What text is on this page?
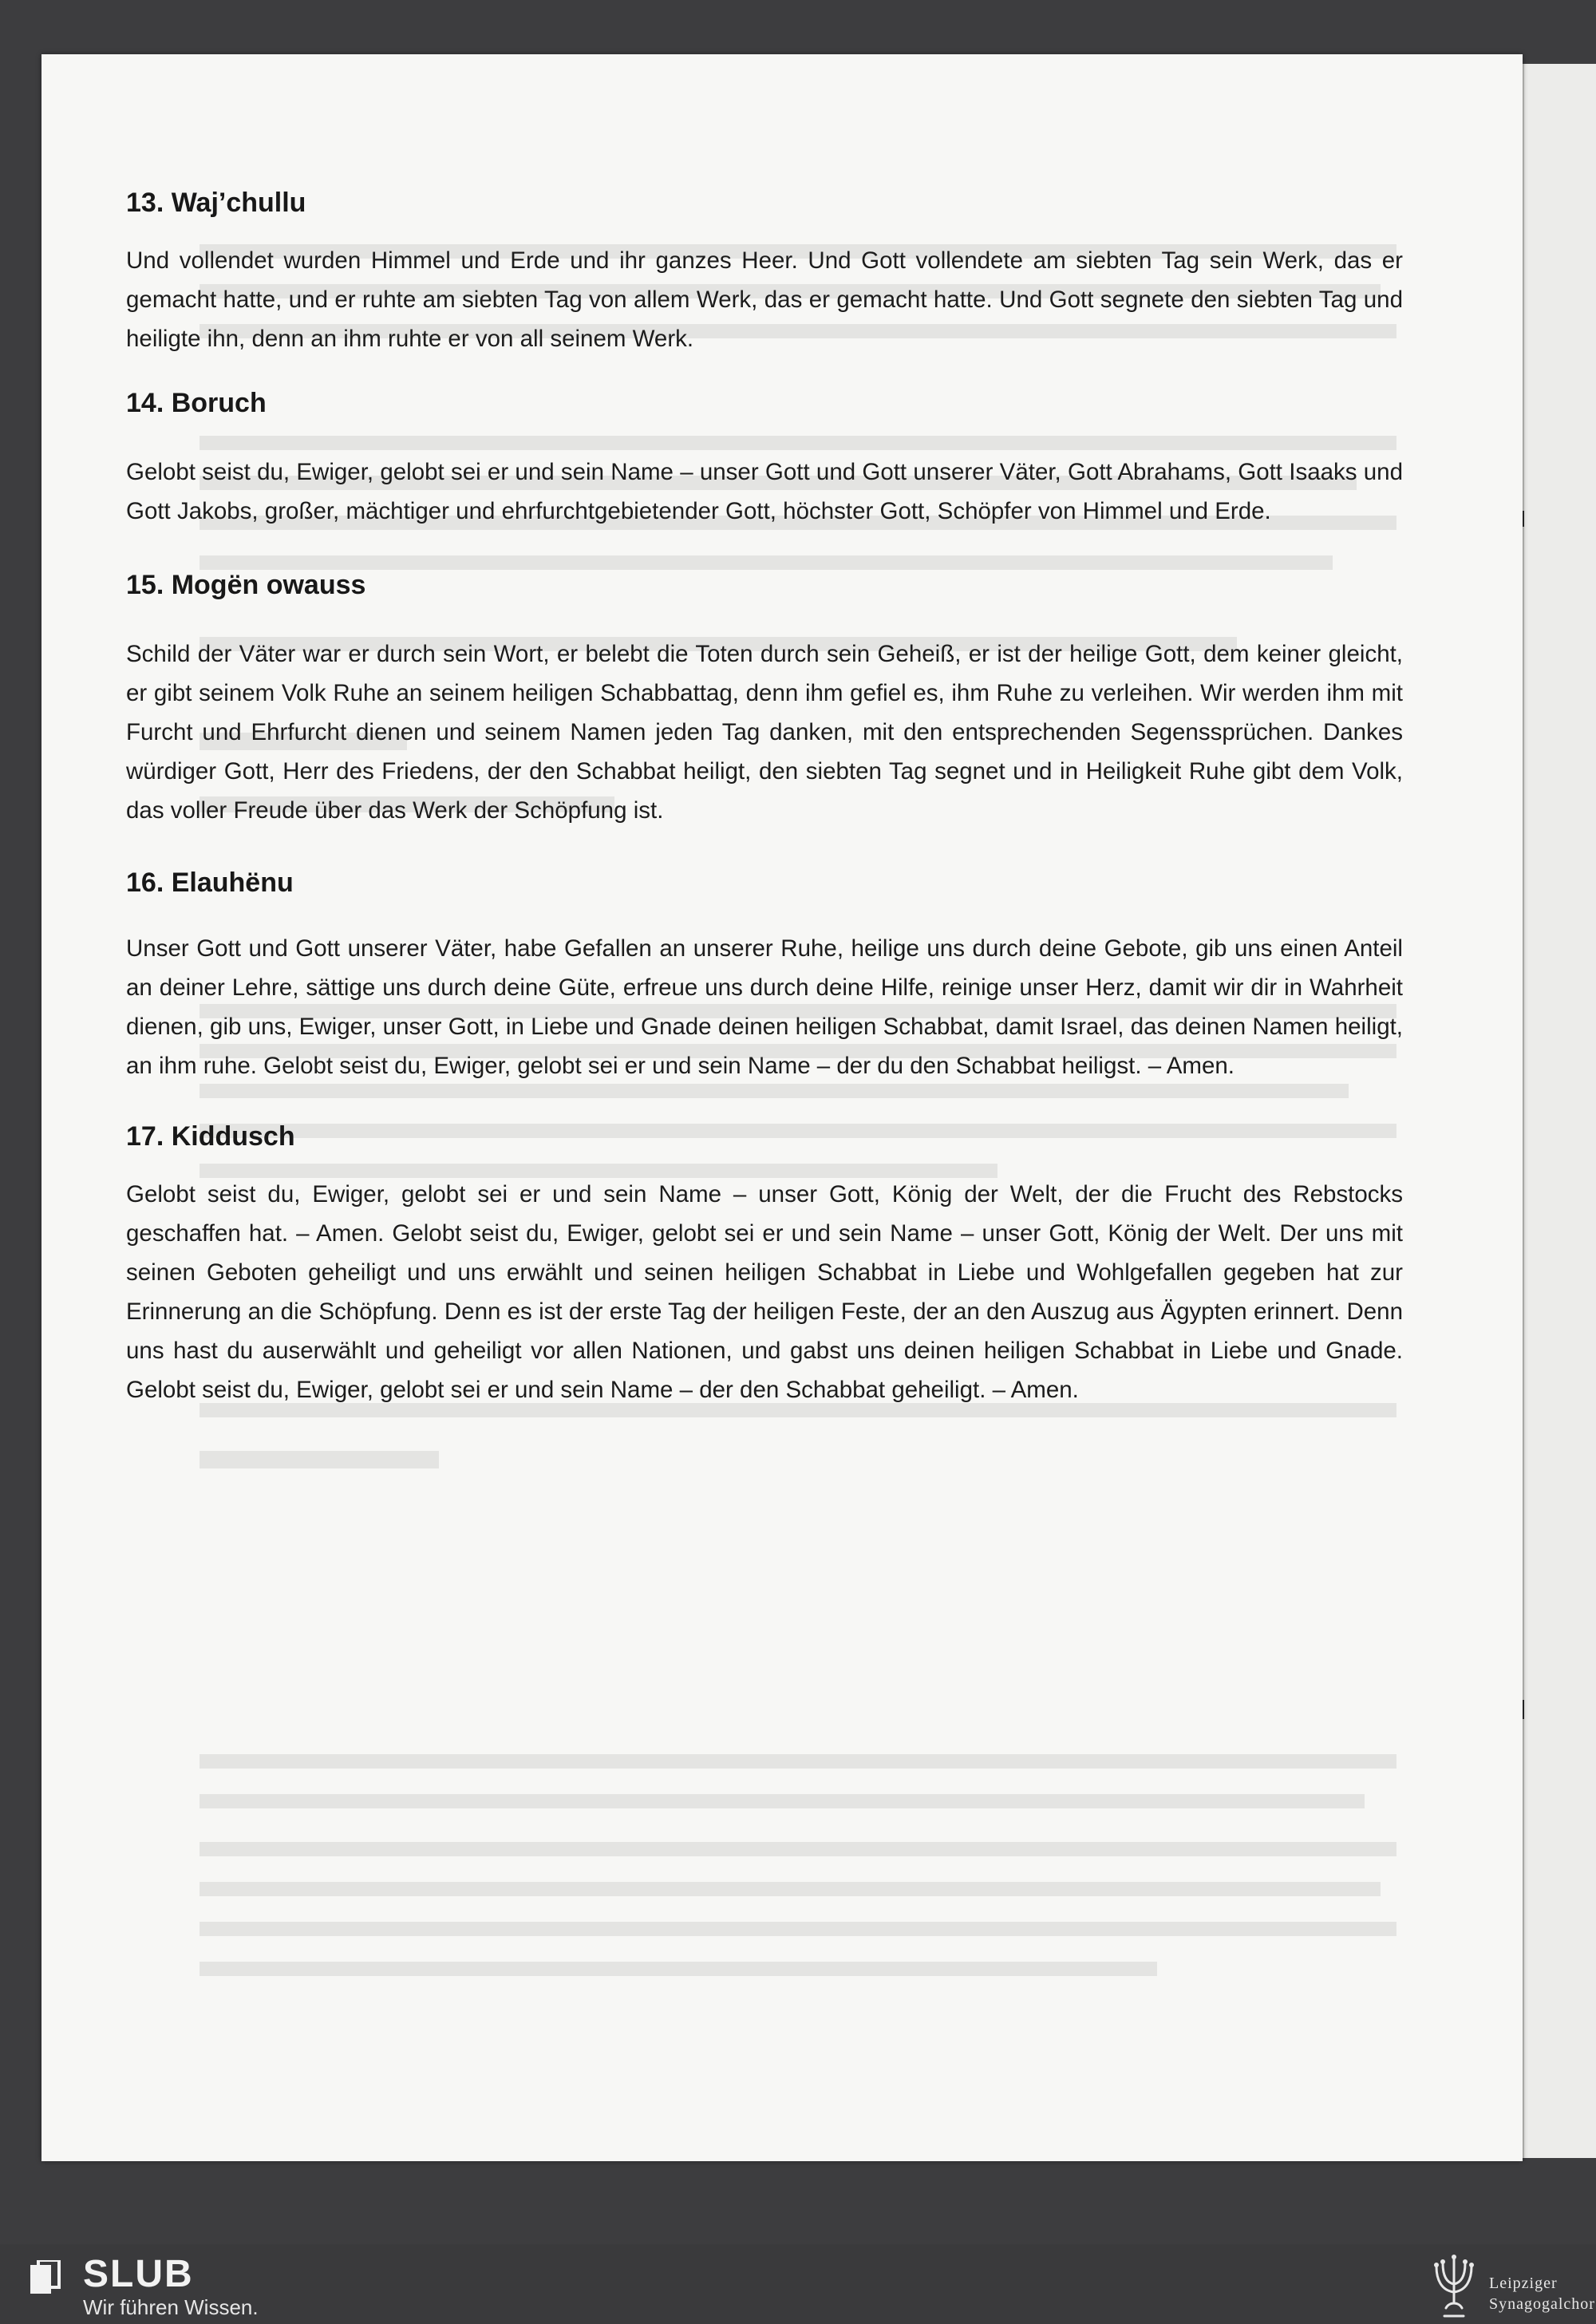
13. Waj’chullu

Und vollendet wurden Himmel und Erde und ihr ganzes Heer. Und Gott vollendete am siebten Tag sein Werk, das er gemacht hatte, und er ruhte am siebten Tag von allem Werk, das er gemacht hatte. Und Gott segnete den siebten Tag und heiligte ihn, denn an ihm ruhte er von all seinem Werk.

14. Boruch

Gelobt seist du, Ewiger, gelobt sei er und sein Name – unser Gott und Gott unserer Väter, Gott Abrahams, Gott Isaaks und Gott Jakobs, großer, mächtiger und ehrfurchtgebietender Gott, höchster Gott, Schöpfer von Himmel und Erde.

15. Mogën owauss

Schild der Väter war er durch sein Wort, er belebt die Toten durch sein Geheiß, er ist der heilige Gott, dem keiner gleicht, er gibt seinem Volk Ruhe an seinem heiligen Schabbattag, denn ihm gefiel es, ihm Ruhe zu verleihen. Wir werden ihm mit Furcht und Ehrfurcht dienen und seinem Namen jeden Tag danken, mit den entsprechenden Segenssprüchen. Dankes würdiger Gott, Herr des Friedens, der den Schabbat heiligt, den siebten Tag segnet und in Heiligkeit Ruhe gibt dem Volk, das voller Freude über das Werk der Schöpfung ist.

16. Elauhënu

Unser Gott und Gott unserer Väter, habe Gefallen an unserer Ruhe, heilige uns durch deine Gebote, gib uns einen Anteil an deiner Lehre, sättige uns durch deine Güte, erfreue uns durch deine Hilfe, reinige unser Herz, damit wir dir in Wahrheit dienen, gib uns, Ewiger, unser Gott, in Liebe und Gnade deinen heiligen Schabbat, damit Israel, das deinen Namen heiligt, an ihm ruhe. Gelobt seist du, Ewiger, gelobt sei er und sein Name – der du den Schabbat heiligst. – Amen.

17. Kiddusch

Gelobt seist du, Ewiger, gelobt sei er und sein Name – unser Gott, König der Welt, der die Frucht des Rebstocks geschaffen hat. – Amen. Gelobt seist du, Ewiger, gelobt sei er und sein Name – unser Gott, König der Welt. Der uns mit seinen Geboten geheiligt und uns erwählt und seinen heiligen Schabbat in Liebe und Wohlgefallen gegeben hat zur Erinnerung an die Schöpfung. Denn es ist der erste Tag der heiligen Feste, der an den Auszug aus Ägypten erinnert. Denn uns hast du auserwählt und geheiligt vor allen Nationen, und gabst uns deinen heiligen Schabbat in Liebe und Gnade. Gelobt seist du, Ewiger, gelobt sei er und sein Name – der den Schabbat geheiligt. – Amen.

SLUB
Wir führen Wissen.
Leipziger
Synagogalchor
